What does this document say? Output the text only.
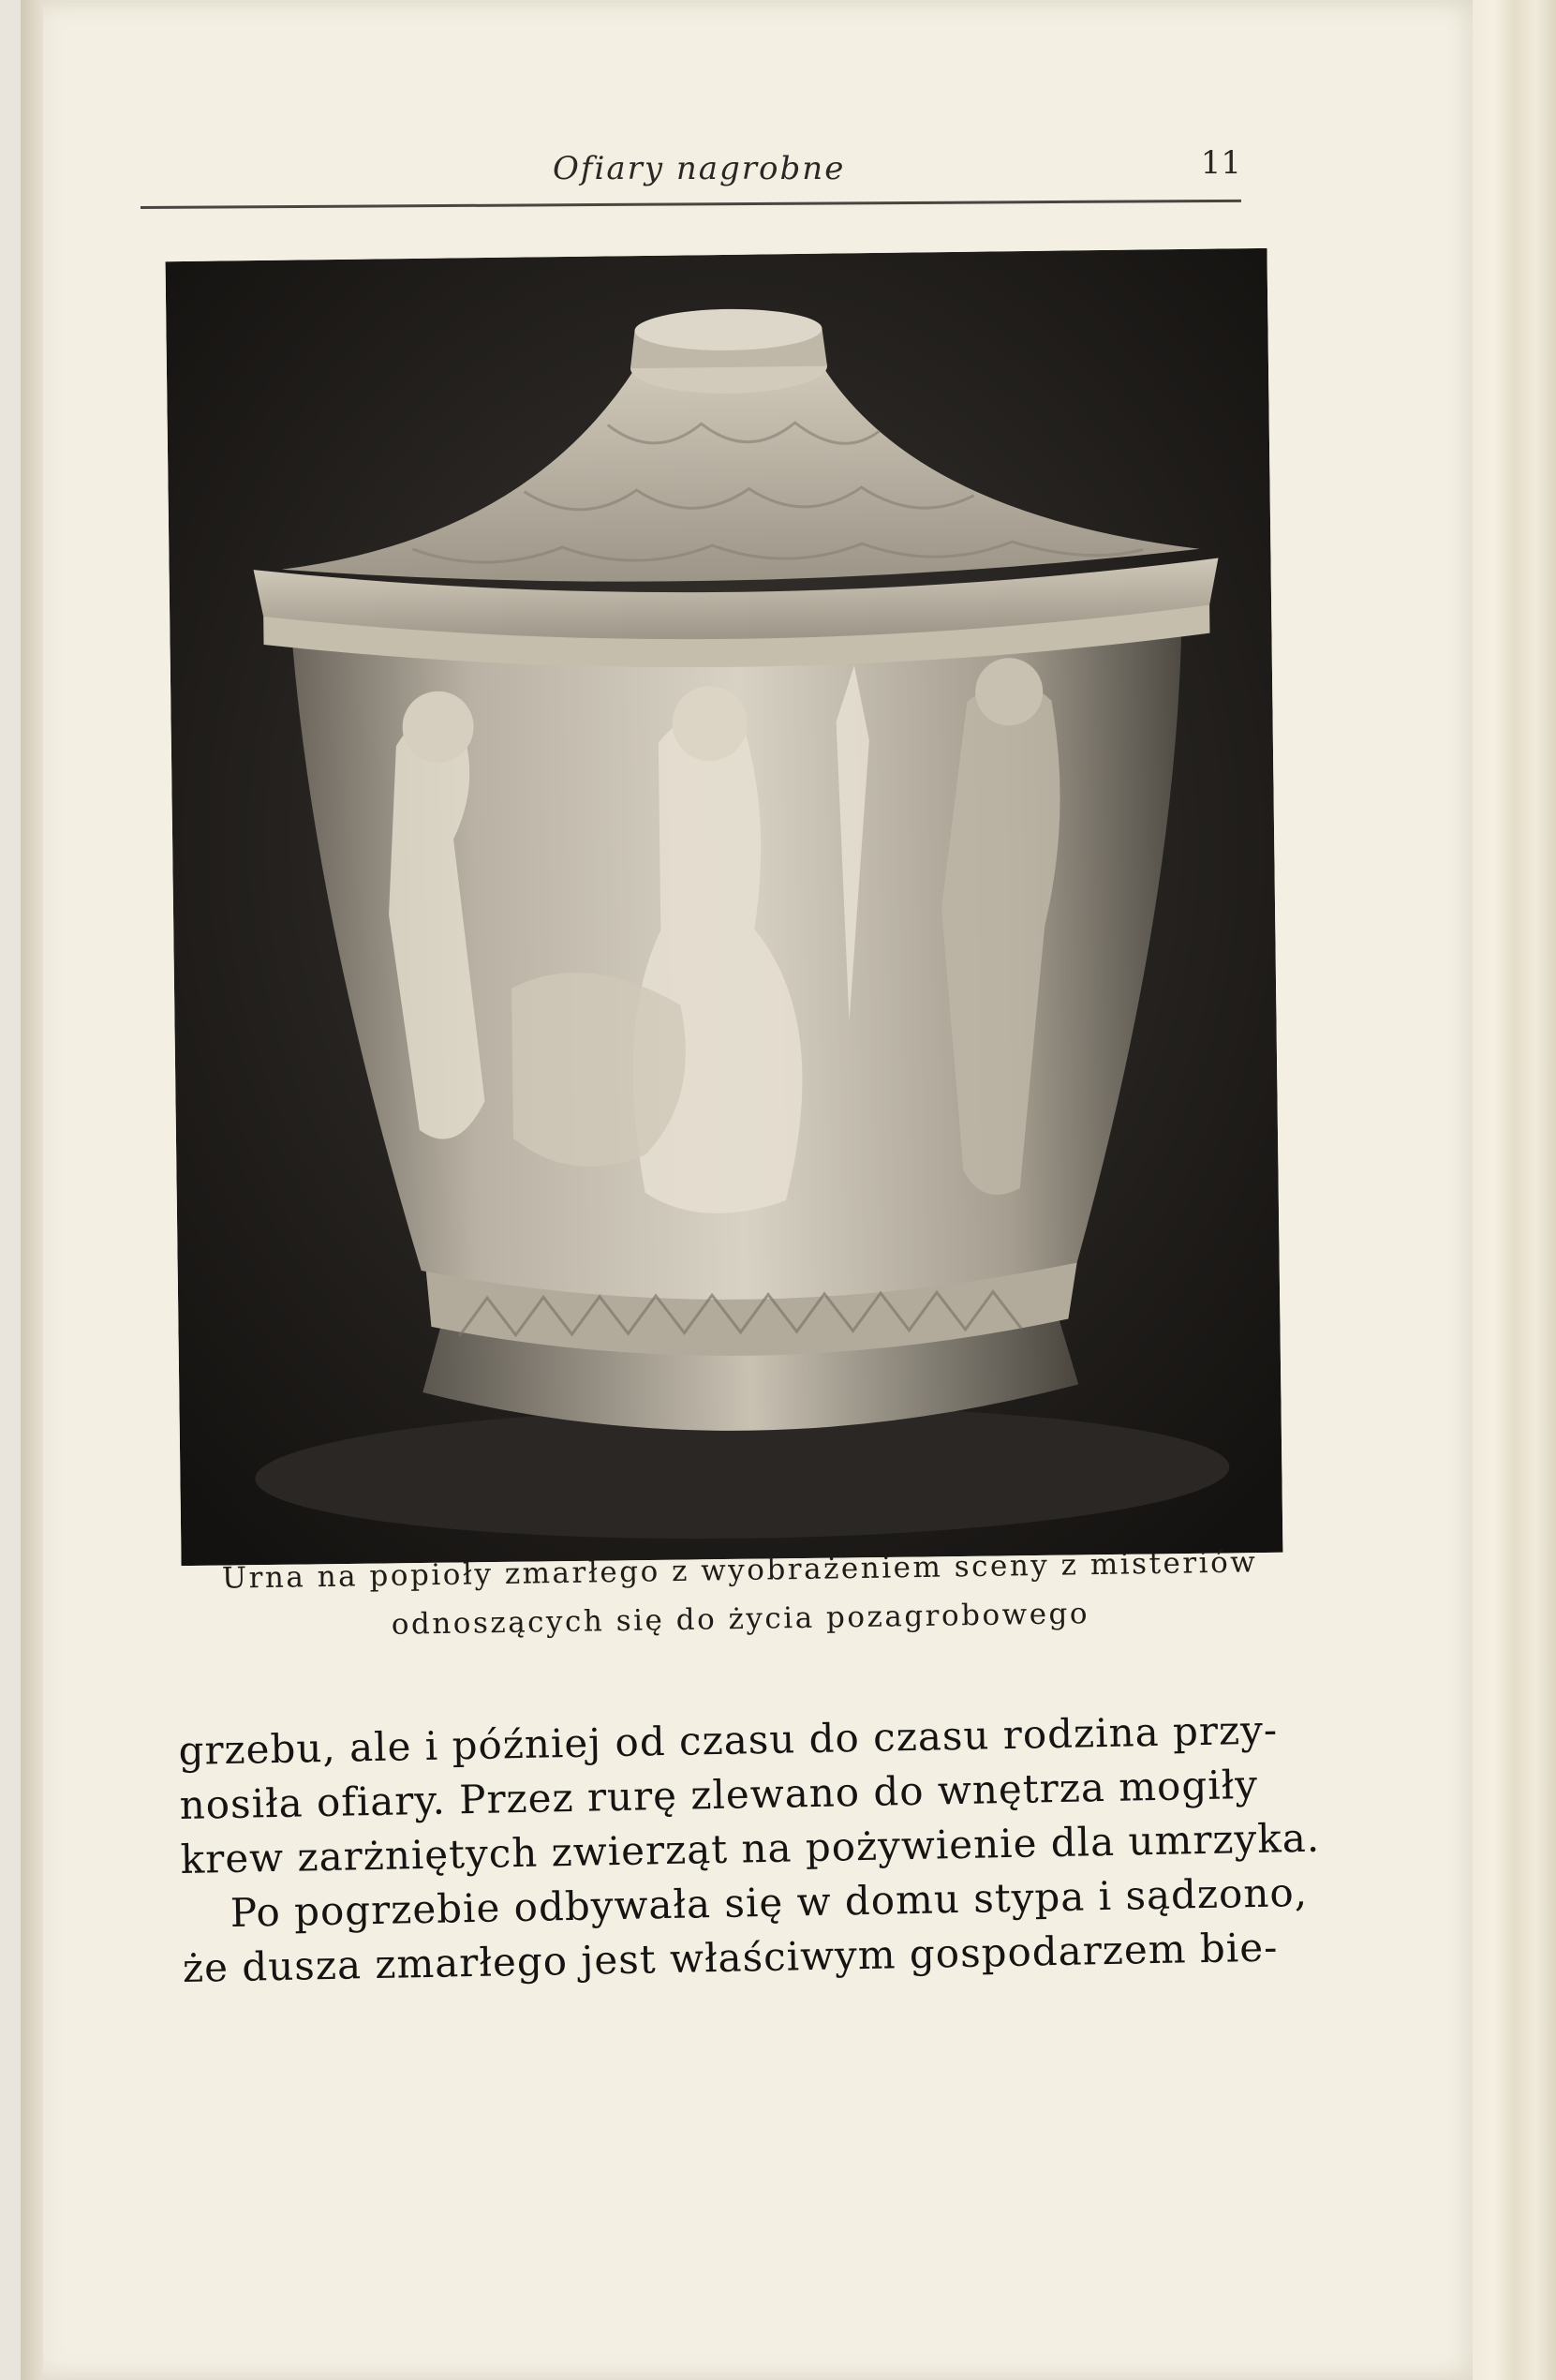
Ofiary nagrobne	11
Urna na popioły zmarłego z wyobrażeniem sceny z misteriów
odnoszących się do życia pozagrobowego
grzebu, ale i później od czasu do czasu rodzina przy-
nosiła ofiary. Przez rurę zlewano do wnętrza mogiły
krew zarżniętych zwierząt na pożywienie dla umrzyka.
Po pogrzebie odbywała się w domu stypa i sądzono,
że dusza zmarłego jest właściwym gospodarzem bie-
